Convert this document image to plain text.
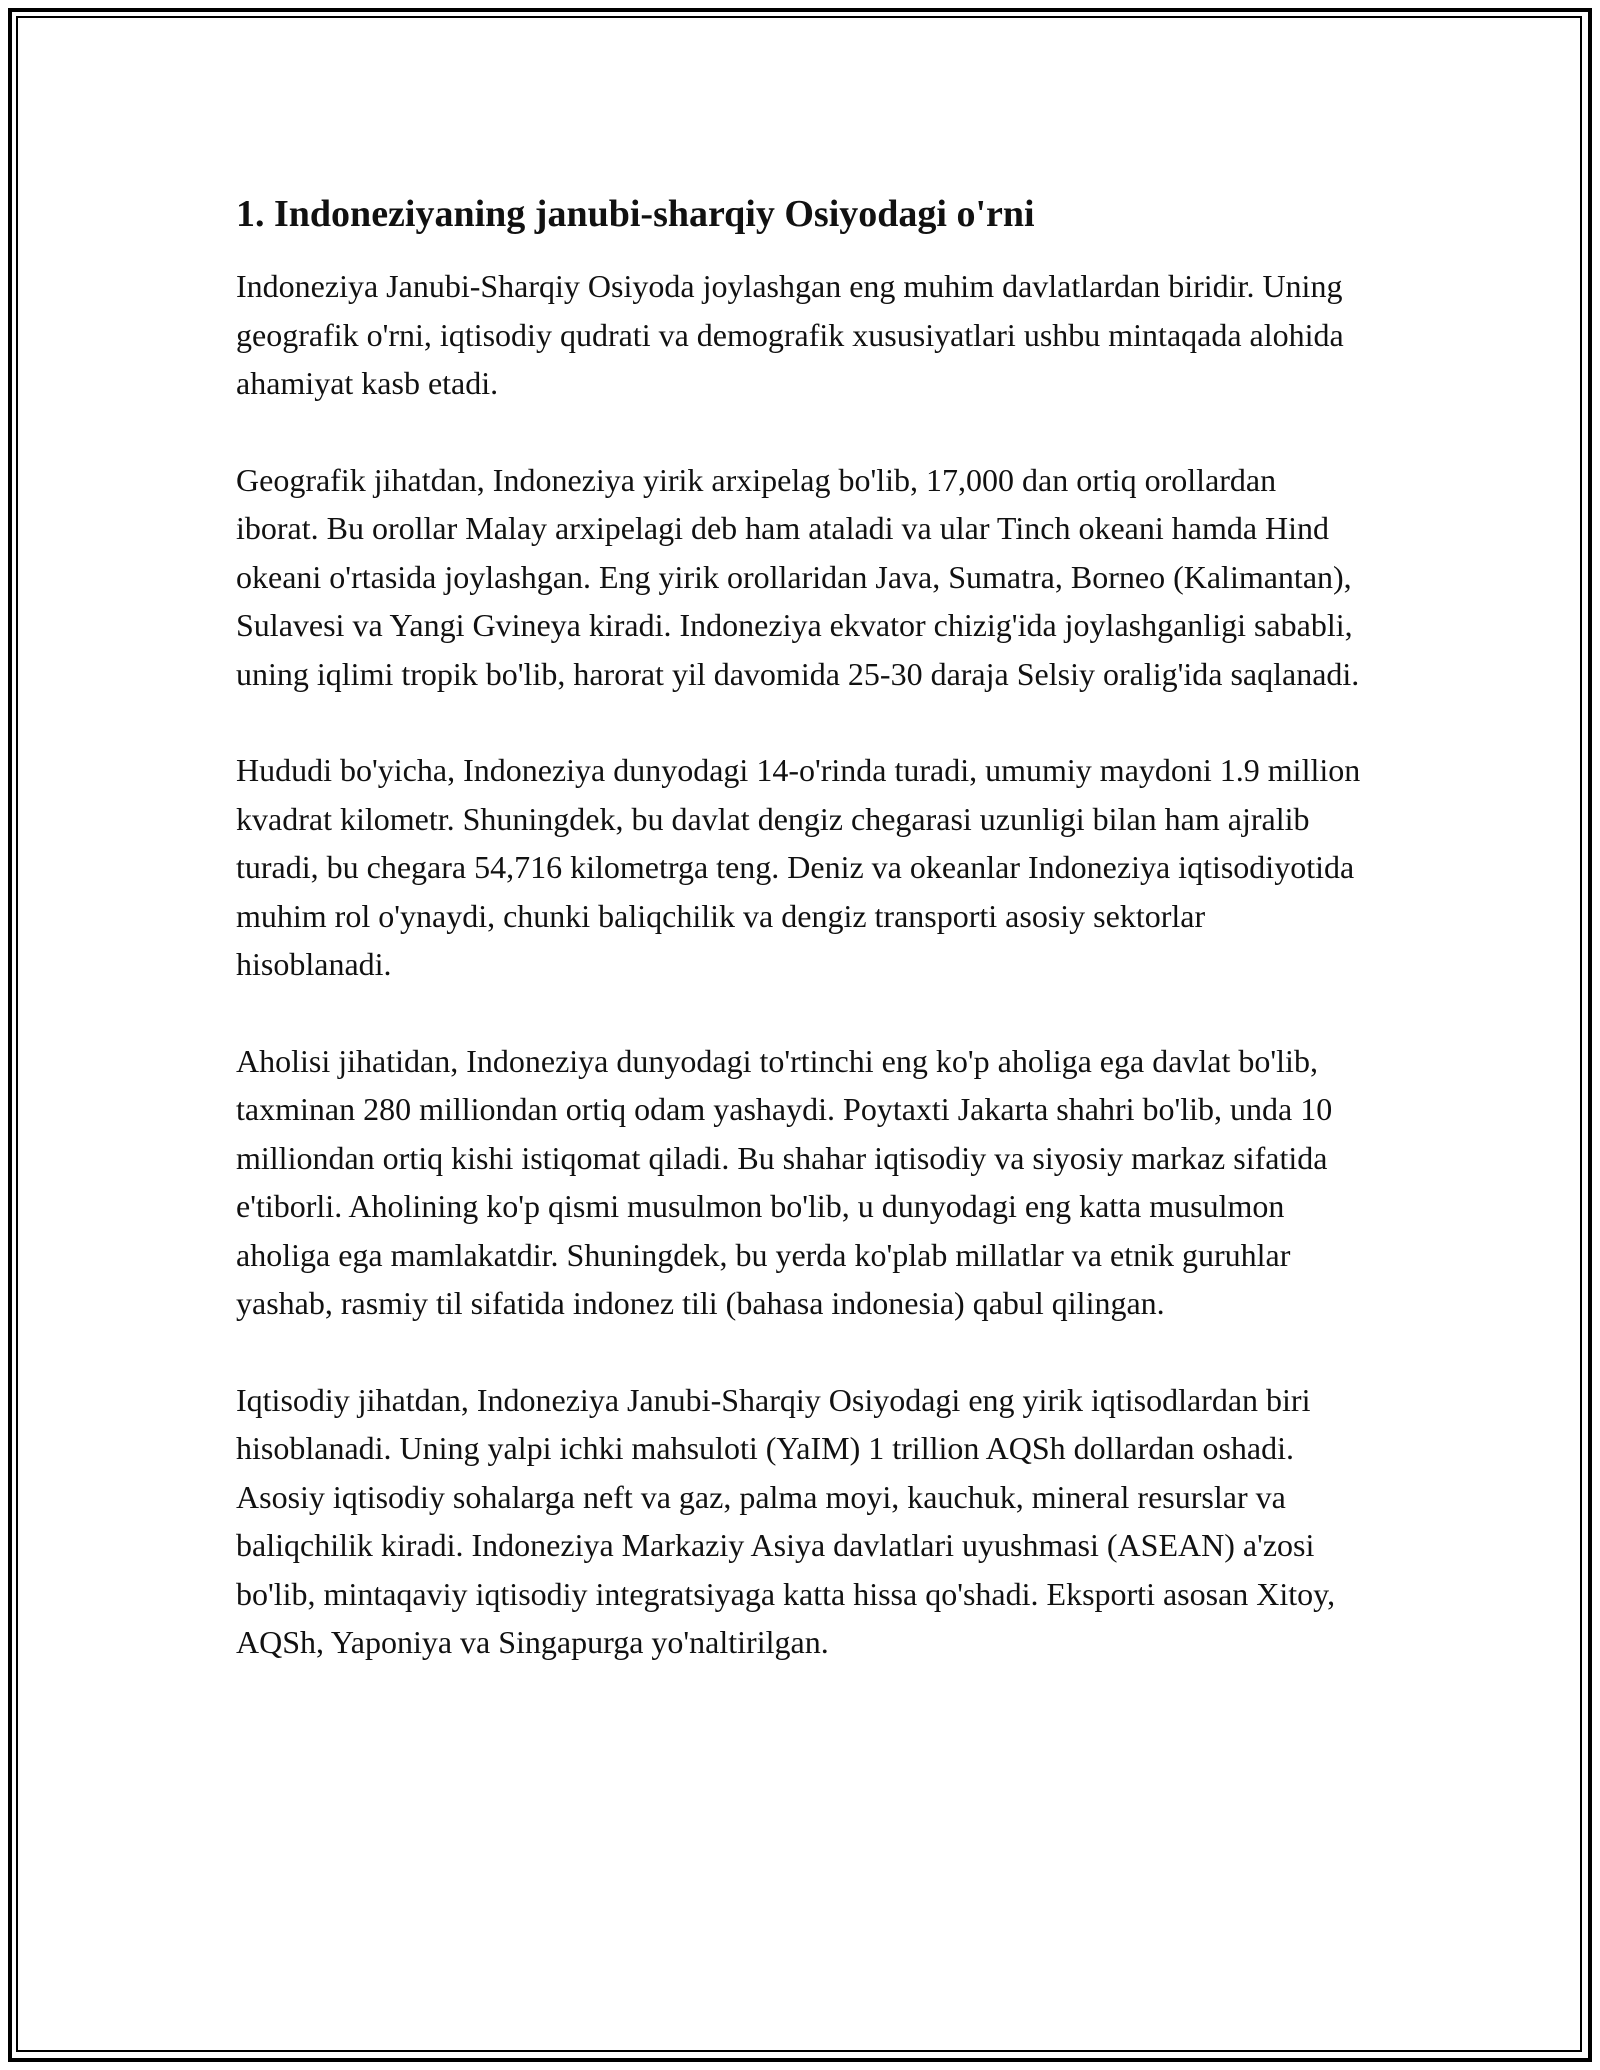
1. Indoneziyaning janubi-sharqiy Osiyodagi o'rni

Indoneziya Janubi-Sharqiy Osiyoda joylashgan eng muhim davlatlardan biridir. Uning geografik o'rni, iqtisodiy qudrati va demografik xususiyatlari ushbu mintaqada alohida ahamiyat kasb etadi.

Geografik jihatdan, Indoneziya yirik arxipelag bo'lib, 17,000 dan ortiq orollardan iborat. Bu orollar Malay arxipelagi deb ham ataladi va ular Tinch okeani hamda Hind okeani o'rtasida joylashgan. Eng yirik orollaridan Java, Sumatra, Borneo (Kalimantan), Sulavesi va Yangi Gvineya kiradi. Indoneziya ekvator chizig'ida joylashganligi sababli, uning iqlimi tropik bo'lib, harorat yil davomida 25-30 daraja Selsiy oralig'ida saqlanadi.

Hududi bo'yicha, Indoneziya dunyodagi 14-o'rinda turadi, umumiy maydoni 1.9 million kvadrat kilometr. Shuningdek, bu davlat dengiz chegarasi uzunligi bilan ham ajralib turadi, bu chegara 54,716 kilometrga teng. Deniz va okeanlar Indoneziya iqtisodiyotida muhim rol o'ynaydi, chunki baliqchilik va dengiz transporti asosiy sektorlar hisoblanadi.

Aholisi jihatidan, Indoneziya dunyodagi to'rtinchi eng ko'p aholiga ega davlat bo'lib, taxminan 280 milliondan ortiq odam yashaydi. Poytaxti Jakarta shahri bo'lib, unda 10 milliondan ortiq kishi istiqomat qiladi. Bu shahar iqtisodiy va siyosiy markaz sifatida e'tiborli. Aholining ko'p qismi musulmon bo'lib, u dunyodagi eng katta musulmon aholiga ega mamlakatdir. Shuningdek, bu yerda ko'plab millatlar va etnik guruhlar yashab, rasmiy til sifatida indonez tili (bahasa indonesia) qabul qilingan.

Iqtisodiy jihatdan, Indoneziya Janubi-Sharqiy Osiyodagi eng yirik iqtisodlardan biri hisoblanadi. Uning yalpi ichki mahsuloti (YaIM) 1 trillion AQSh dollardan oshadi. Asosiy iqtisodiy sohalarga neft va gaz, palma moyi, kauchuk, mineral resurslar va baliqchilik kiradi. Indoneziya Markaziy Asiya davlatlari uyushmasi (ASEAN) a'zosi bo'lib, mintaqaviy iqtisodiy integratsiyaga katta hissa qo'shadi. Eksporti asosan Xitoy, AQSh, Yaponiya va Singapurga yo'naltirilgan.
